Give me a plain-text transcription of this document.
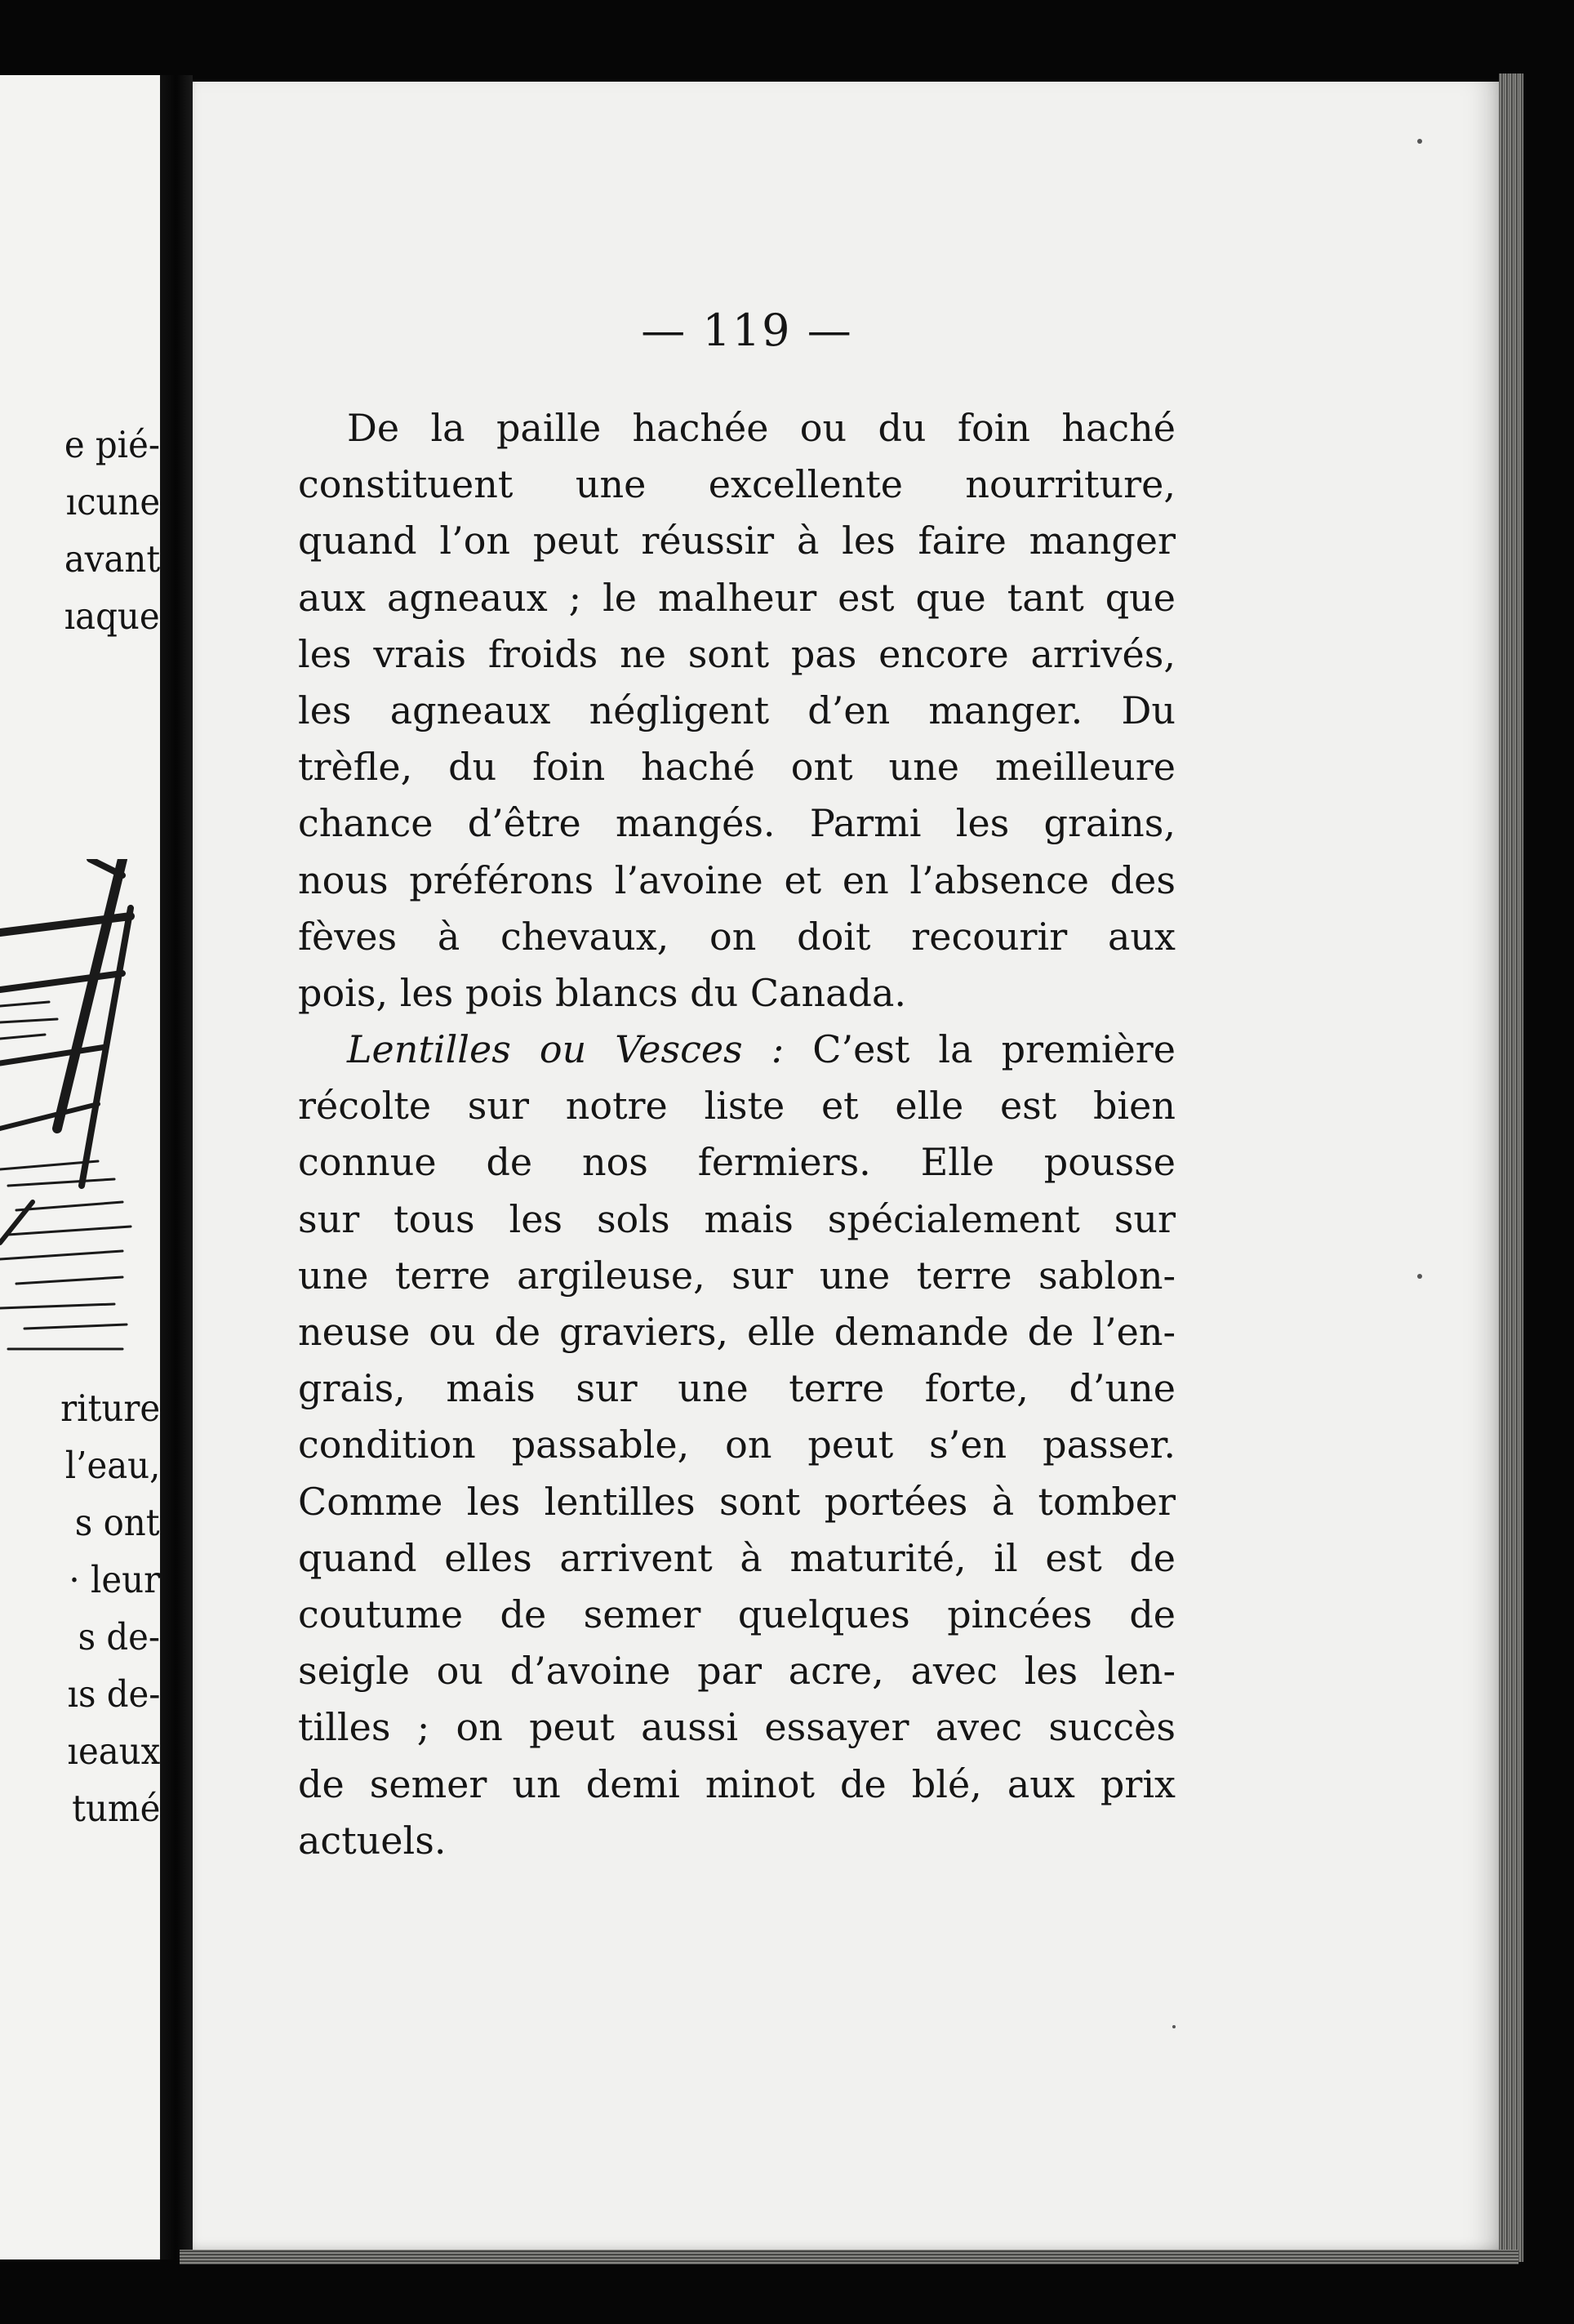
e pié-

ıcune

avant

ıaque

riture

l’eau,

s ont

· leur

s de-

ıs de-

ıeaux

tumé

— 119 —

De la paille hachée ou du foin haché

constituent une excellente nourriture,

quand l’on peut réussir à les faire manger

aux agneaux ; le malheur est que tant que

les vrais froids ne sont pas encore arrivés,

les agneaux négligent d’en manger. Du

trèfle, du foin haché ont une meilleure

chance d’être mangés. Parmi les grains,

nous préférons l’avoine et en l’absence des

fèves à chevaux, on doit recourir aux

pois, les pois blancs du Canada.

Lentilles ou Vesces : C’est la première

récolte sur notre liste et elle est bien

connue de nos fermiers. Elle pousse

sur tous les sols mais spécialement sur

une terre argileuse, sur une terre sablon-

neuse ou de graviers, elle demande de l’en-

grais, mais sur une terre forte, d’une

condition passable, on peut s’en passer.

Comme les lentilles sont portées à tomber

quand elles arrivent à maturité, il est de

coutume de semer quelques pincées de

seigle ou d’avoine par acre, avec les len-

tilles ; on peut aussi essayer avec succès

de semer un demi minot de blé, aux prix

actuels.
